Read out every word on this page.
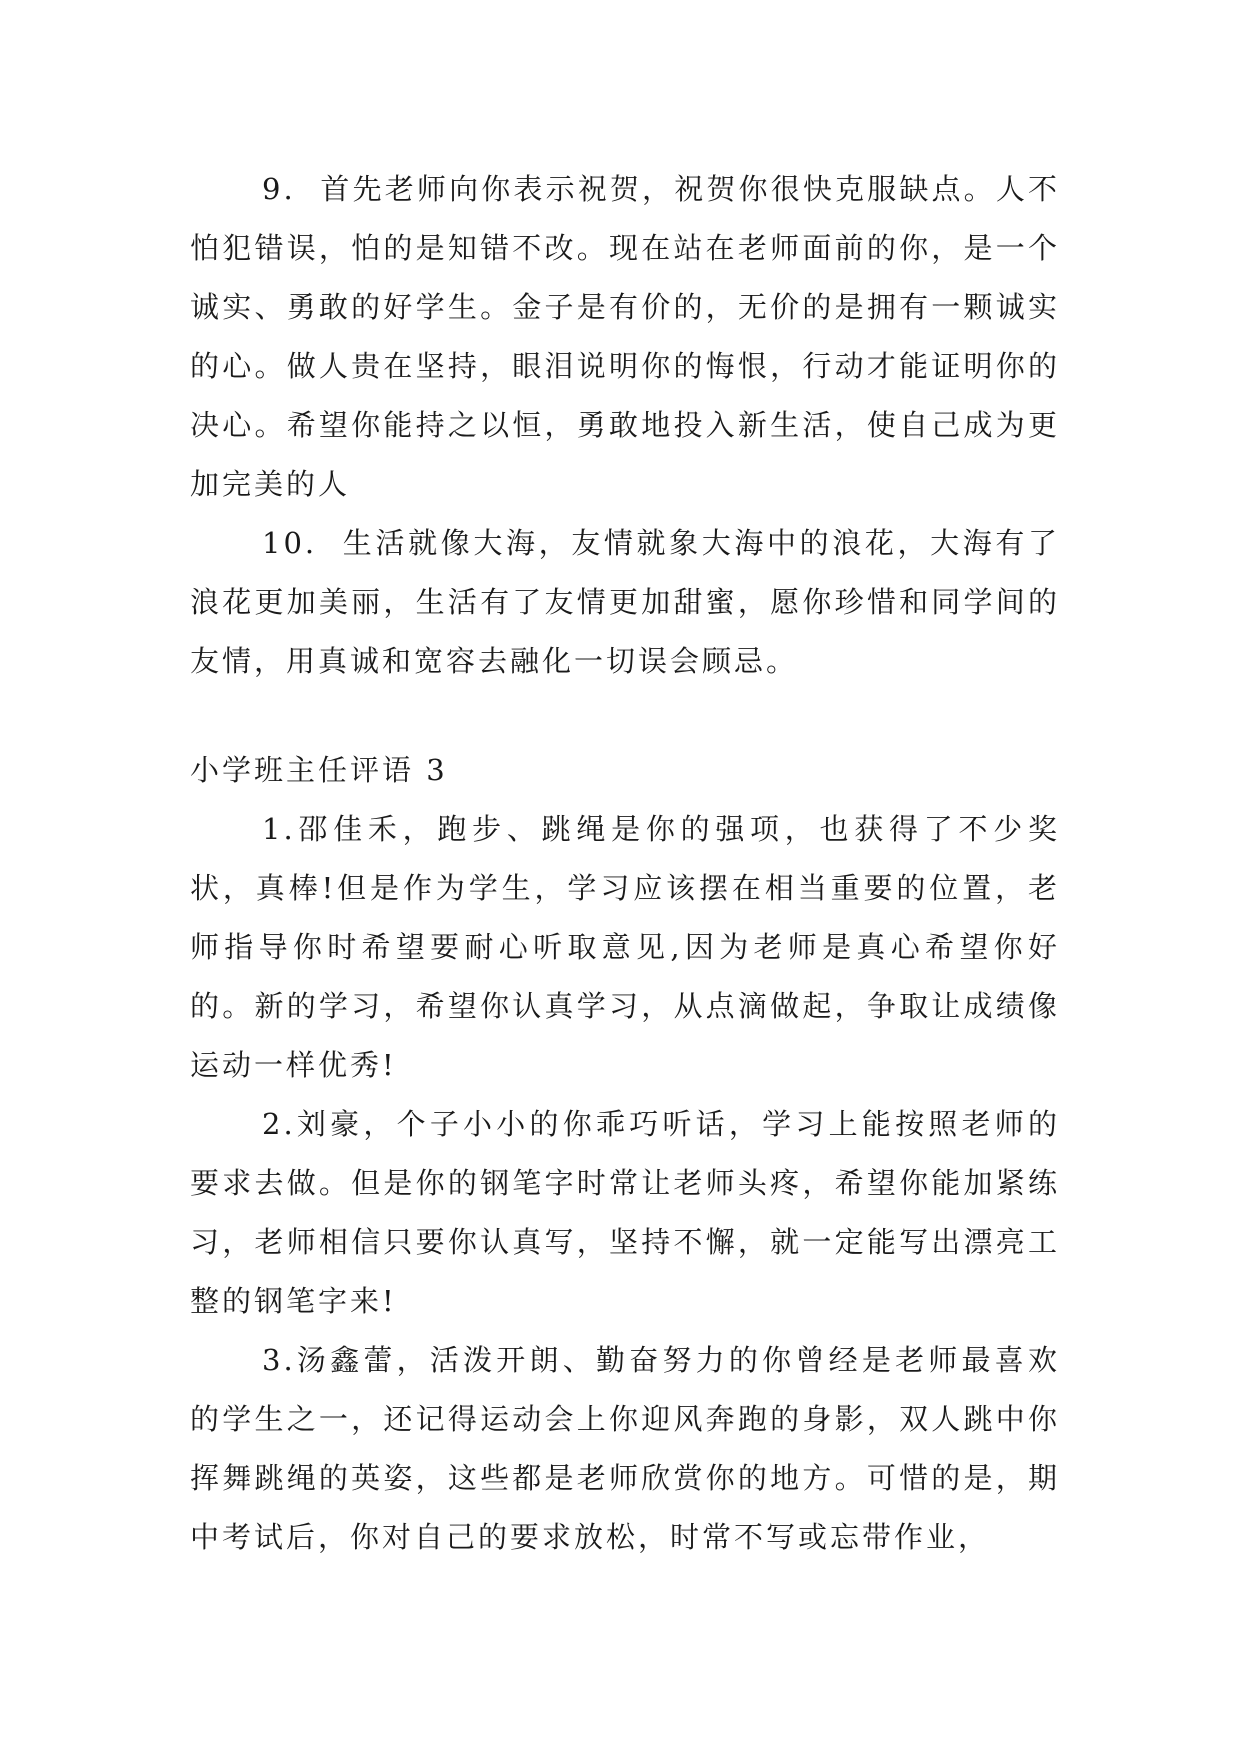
9.  首先老师向你表示祝贺，祝贺你很快克服缺点。人不怕犯错误，怕的是知错不改。现在站在老师面前的你，是一个诚实、勇敢的好学生。金子是有价的，无价的是拥有一颗诚实的心。做人贵在坚持，眼泪说明你的悔恨，行动才能证明你的决心。希望你能持之以恒，勇敢地投入新生活，使自己成为更加完美的人

10.  生活就像大海，友情就象大海中的浪花，大海有了浪花更加美丽，生活有了友情更加甜蜜，愿你珍惜和同学间的友情，用真诚和宽容去融化一切误会顾忌。

小学班主任评语 3

1.邵佳禾，跑步、跳绳是你的强项，也获得了不少奖状，真棒!但是作为学生，学习应该摆在相当重要的位置，老师指导你时希望要耐心听取意见,因为老师是真心希望你好的。新的学习，希望你认真学习，从点滴做起，争取让成绩像运动一样优秀!

2.刘豪，个子小小的你乖巧听话，学习上能按照老师的要求去做。但是你的钢笔字时常让老师头疼，希望你能加紧练习，老师相信只要你认真写，坚持不懈，就一定能写出漂亮工整的钢笔字来!

3.汤鑫蕾，活泼开朗、勤奋努力的你曾经是老师最喜欢的学生之一，还记得运动会上你迎风奔跑的身影，双人跳中你挥舞跳绳的英姿，这些都是老师欣赏你的地方。可惜的是，期中考试后，你对自己的要求放松，时常不写或忘带作业，
